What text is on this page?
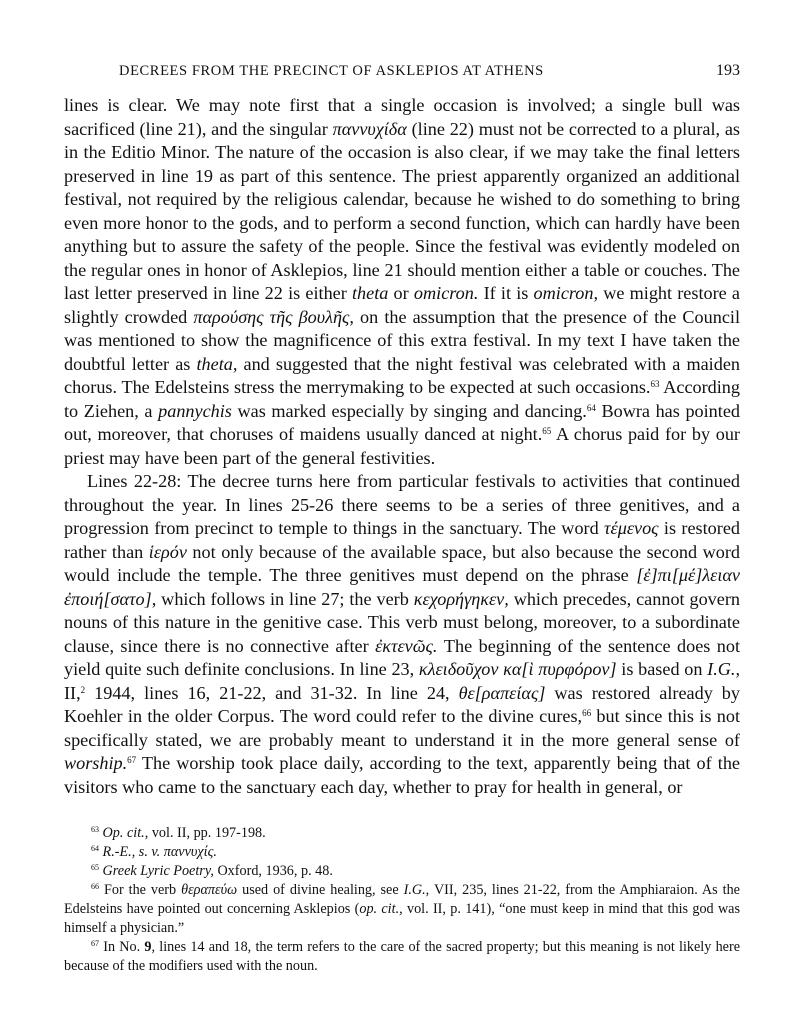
DECREES FROM THE PRECINCT OF ASKLEPIOS AT ATHENS	193

lines is clear. We may note first that a single occasion is involved; a single bull was sacrificed (line 21), and the singular παννυχίδα (line 22) must not be corrected to a plural, as in the Editio Minor. The nature of the occasion is also clear, if we may take the final letters preserved in line 19 as part of this sentence. The priest apparently organized an additional festival, not required by the religious calendar, because he wished to do something to bring even more honor to the gods, and to perform a second function, which can hardly have been anything but to assure the safety of the people. Since the festival was evidently modeled on the regular ones in honor of Asklepios, line 21 should mention either a table or couches. The last letter preserved in line 22 is either theta or omicron. If it is omicron, we might restore a slightly crowded παρούσης τῆς βουλῆς, on the assumption that the presence of the Council was mentioned to show the magnificence of this extra festival. In my text I have taken the doubtful letter as theta, and suggested that the night festival was celebrated with a maiden chorus. The Edelsteins stress the merrymaking to be expected at such occasions.$^{63}$ According to Ziehen, a pannychis was marked especially by singing and dancing.$^{64}$ Bowra has pointed out, moreover, that choruses of maidens usually danced at night.$^{65}$ A chorus paid for by our priest may have been part of the general festivities.

Lines 22-28: The decree turns here from particular festivals to activities that continued throughout the year. In lines 25-26 there seems to be a series of three genitives, and a progression from precinct to temple to things in the sanctuary. The word τέμενος is restored rather than ἱερόν not only because of the available space, but also because the second word would include the temple. The three genitives must depend on the phrase [ἐ]πι[μέ]λειαν ἐποιή[σατο], which follows in line 27; the verb κεχορήγηκεν, which precedes, cannot govern nouns of this nature in the genitive case. This verb must belong, moreover, to a subordinate clause, since there is no connective after ἐκτενῶς. The beginning of the sentence does not yield quite such definite conclusions. In line 23, κλειδοῦχον κα[ὶ πυρφόρον] is based on I.G., II,$^2$ 1944, lines 16, 21-22, and 31-32. In line 24, θε[ραπείας] was restored already by Koehler in the older Corpus. The word could refer to the divine cures,$^{66}$ but since this is not specifically stated, we are probably meant to understand it in the more general sense of worship.$^{67}$ The worship took place daily, according to the text, apparently being that of the visitors who came to the sanctuary each day, whether to pray for health in general, or

$^{63}$ Op. cit., vol. II, pp. 197-198.

$^{64}$ R.-E., s. v. παννυχίς.

$^{65}$ Greek Lyric Poetry, Oxford, 1936, p. 48.

$^{66}$ For the verb θεραπεύω used of divine healing, see I.G., VII, 235, lines 21-22, from the Amphiaraion. As the Edelsteins have pointed out concerning Asklepios (op. cit., vol. II, p. 141), “one must keep in mind that this god was himself a physician.”

$^{67}$ In No. 9, lines 14 and 18, the term refers to the care of the sacred property; but this meaning is not likely here because of the modifiers used with the noun.
